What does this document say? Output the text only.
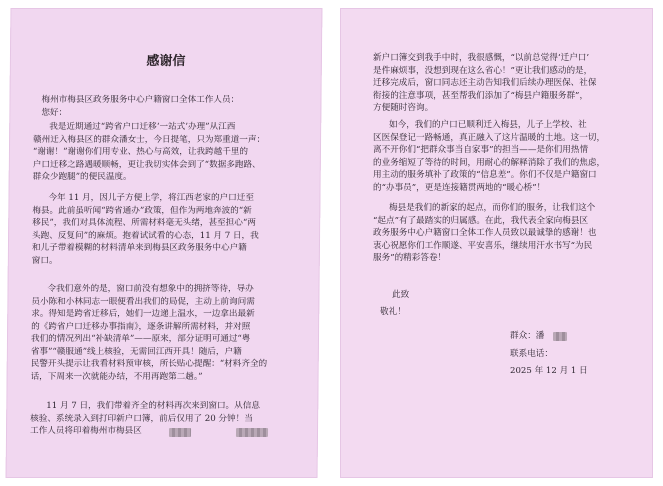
感谢信
梅州市梅县区政务服务中心户籍窗口全体工作人员：
您好：
我是近期通过“跨省户口迁移‘一站式’办理”从江西
赣州迁入梅县区的群众潘女士，今日提笔，只为郑重道一声：
“谢谢！”谢谢你们用专业、热心与高效，让我跨越千里的
户口迁移之路遇暖顺畅，更让我切实体会到了“数据多跑路、
群众少跑腿”的便民温度。
今年 11 月，因儿子方便上学，将江西老家的户口迁至
梅县。此前虽听闻“跨省通办”政策，但作为两地奔波的“新
移民”，我们对具体流程、所需材料毫无头绪，甚至担心“两
头跑、反复问”的麻烦。抱着试试看的心态，11 月 7 日，我
和儿子带着模糊的材料清单来到梅县区政务服务中心户籍
窗口。
令我们意外的是，窗口前没有想象中的拥挤等待，导办
员小陈和小林同志一眼便看出我们的局促，主动上前询问需
求。得知是跨省迁移后，她们一边递上温水，一边拿出最新
的《跨省户口迁移办事指南》，逐条讲解所需材料，并对照
我们的情况列出“补缺清单”——原来，部分证明可通过“粤
省事”“赣服通”线上核验，无需回江西开具！随后，户籍
民警开头提示让我看材料预审核，所长贴心提醒：“材料齐全的
话，下周来一次就能办结，不用再跑第二趟。”
11 月 7 日，我们带着齐全的材料再次来到窗口。从信息
核验、系统录入到打印新户口簿，前后仅用了 20 分钟！当
工作人员将印着梅州市梅县区
新户口簿交到我手中时，我很感慨，“以前总觉得‘迁户口’
是件麻烦事，没想到现在这么省心！”更让我们感动的是，
迁移完成后，窗口同志还主动告知我们后续办理医保、社保
衔接的注意事项，甚至帮我们添加了“梅县户籍服务群”，
方便随时咨询。
如今，我们的户口已顺利迁入梅县，儿子上学校、社
区医保登记一路畅通，真正融入了这片温暖的土地。这一切，
离不开你们“把群众事当自家事”的担当——是你们用热情
的业务缩短了等待的时间，用耐心的解释消除了我们的焦虑，
用主动的服务填补了政策的“信息差”。你们不仅是户籍窗口
的“办事员”，更是连接籍贯两地的“暖心桥”！
梅县是我们的新家的起点，而你们的服务，让我们这个
“起点”有了最踏实的归属感。在此，我代表全家向梅县区
政务服务中心户籍窗口全体工作人员致以最诚挚的感谢！也
衷心祝愿你们工作顺遂、平安喜乐，继续用汗水书写“为民
服务”的精彩答卷！
此致
敬礼！
群众：潘
联系电话：
2025 年 12 月 1 日
